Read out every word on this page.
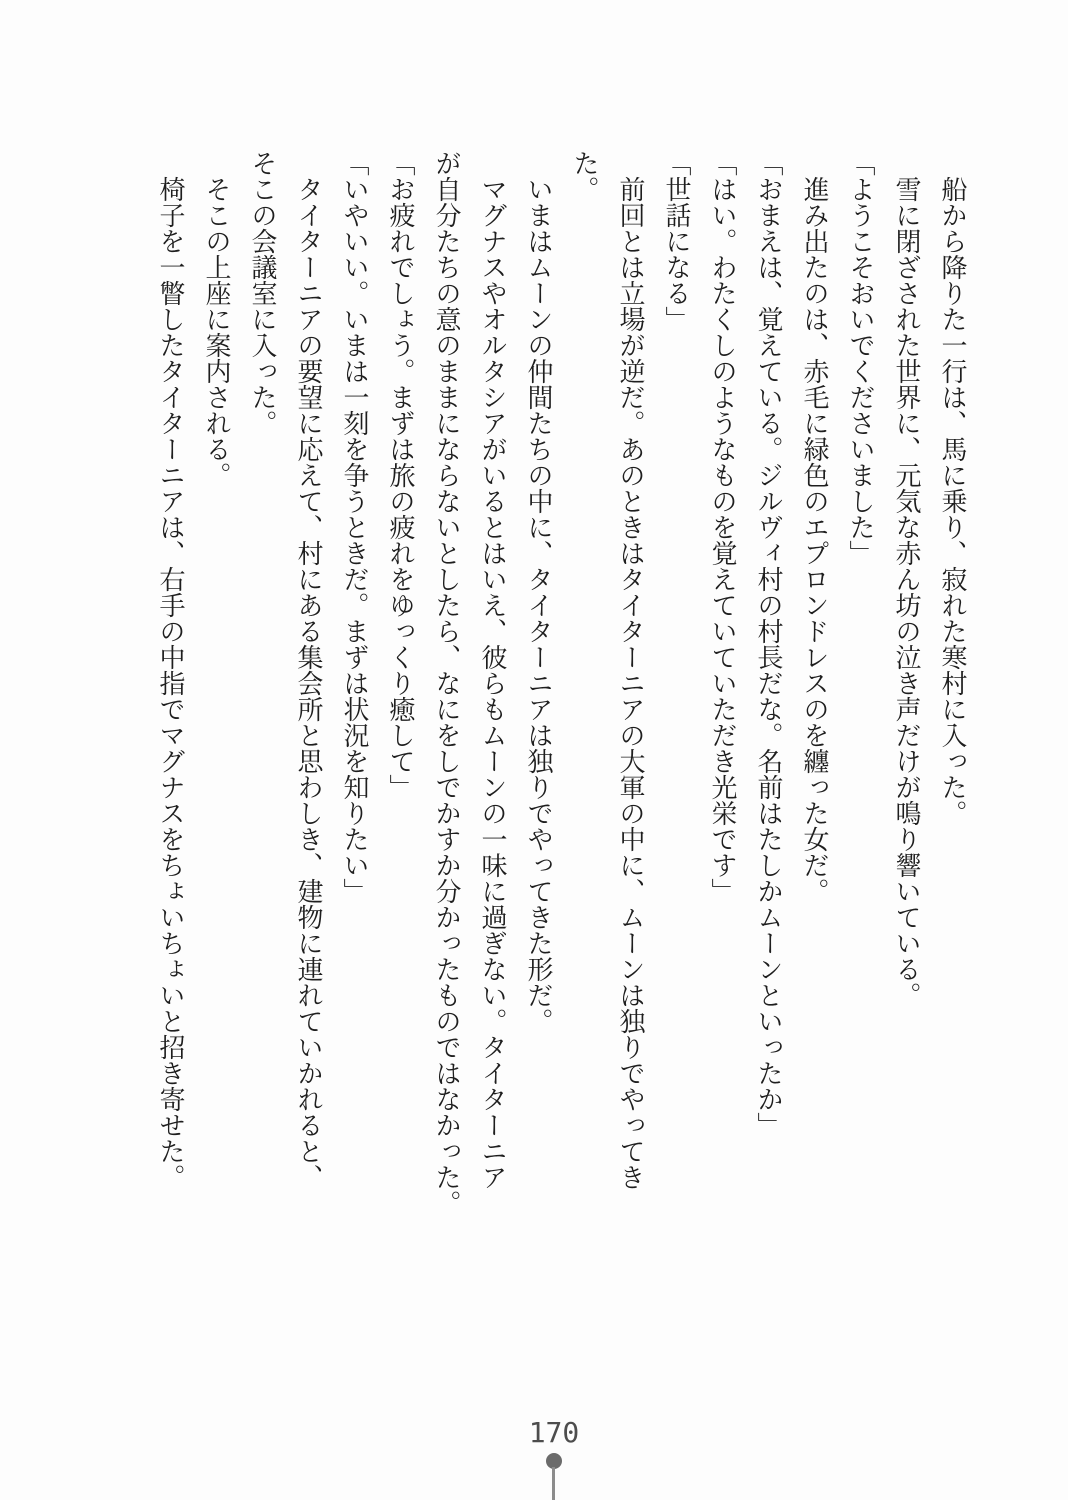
船から降りた一行は、馬に乗り、寂れた寒村に入った。

雪に閉ざされた世界に、元気な赤ん坊の泣き声だけが鳴り響いている。

「ようこそおいでくださいました」

進み出たのは、赤毛に緑色のエプロンドレスのを纏った女だ。

「おまえは、覚えている。ジルヴィ村の村長だな。名前はたしかムーンといったか」

「はい。わたくしのようなものを覚えていていただき光栄です」

「世話になる」

前回とは立場が逆だ。あのときはタイターニアの大軍の中に、ムーンは独りでやってき

た。

いまはムーンの仲間たちの中に、タイターニアは独りでやってきた形だ。

マグナスやオルタシアがいるとはいえ、彼らもムーンの一味に過ぎない。タイターニア

が自分たちの意のままにならないとしたら、なにをしでかすか分かったものではなかった。

「お疲れでしょう。まずは旅の疲れをゆっくり癒して」

「いやいい。いまは一刻を争うときだ。まずは状況を知りたい」

タイターニアの要望に応えて、村にある集会所と思わしき、建物に連れていかれると、

そこの会議室に入った。

そこの上座に案内される。

椅子を一瞥したタイターニアは、右手の中指でマグナスをちょいちょいと招き寄せた。

170
